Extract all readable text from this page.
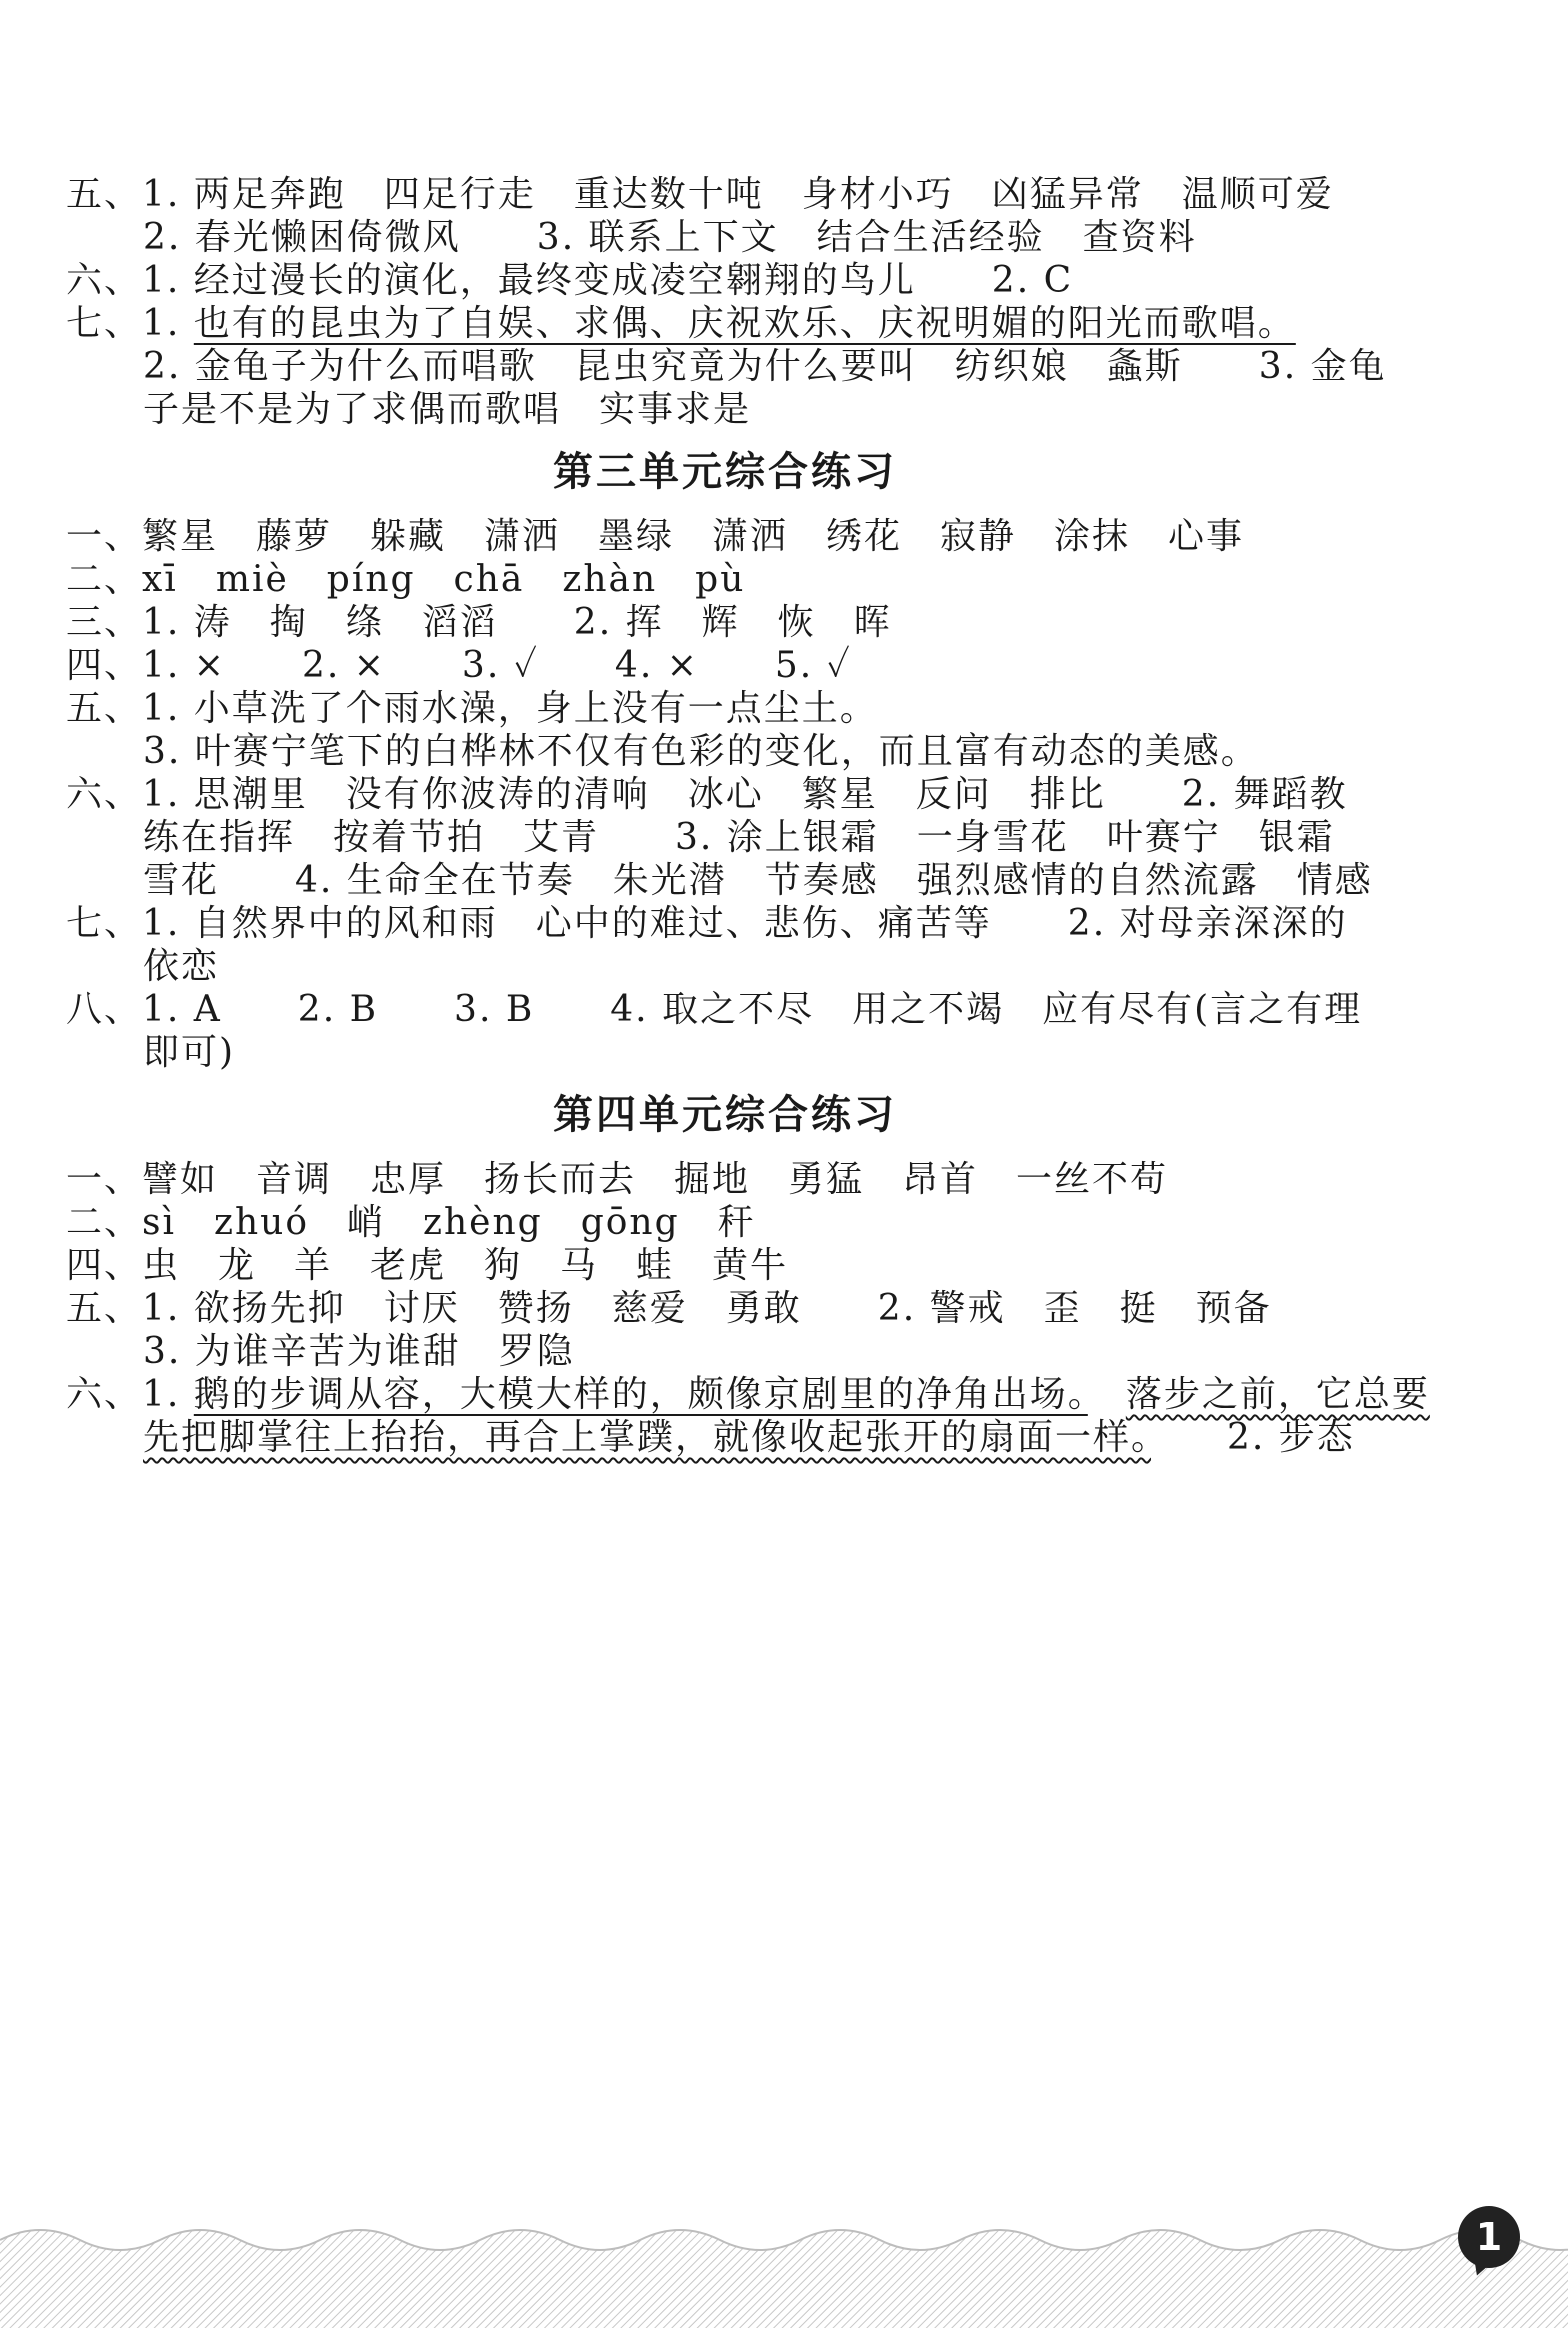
五、1. 两足奔跑　四足行走　重达数十吨　身材小巧　凶猛异常　温顺可爱
2. 春光懒困倚微风　　3. 联系上下文　结合生活经验　查资料
六、1. 经过漫长的演化，最终变成凌空翱翔的鸟儿　　2. C
七、1. 也有的昆虫为了自娱、求偶、庆祝欢乐、庆祝明媚的阳光而歌唱。
2. 金龟子为什么而唱歌　昆虫究竟为什么要叫　纺织娘　螽斯　　3. 金龟
子是不是为了求偶而歌唱　实事求是
第三单元综合练习
一、繁星　藤萝　躲藏　潇洒　墨绿　潇洒　绣花　寂静　涂抹　心事
二、xī　miè　píng　chā　zhàn　pù
三、1. 涛　掏　绦　滔滔　　2. 挥　辉　恢　晖
四、1. ×　　2. ×　　3. ✓　　4. ×　　5. ✓
五、1. 小草洗了个雨水澡，身上没有一点尘土。
3. 叶赛宁笔下的白桦林不仅有色彩的变化，而且富有动态的美感。
六、1. 思潮里　没有你波涛的清响　冰心　繁星　反问　排比　　2. 舞蹈教
练在指挥　按着节拍　艾青　　3. 涂上银霜　一身雪花　叶赛宁　银霜
雪花　　4. 生命全在节奏　朱光潜　节奏感　强烈感情的自然流露　情感
七、1. 自然界中的风和雨　心中的难过、悲伤、痛苦等　　2. 对母亲深深的
依恋
八、1. A　　2. B　　3. B　　4. 取之不尽　用之不竭　应有尽有(言之有理
即可)
第四单元综合练习
一、譬如　音调　忠厚　扬长而去　掘地　勇猛　昂首　一丝不苟
二、sì　zhuó　峭　zhèng　gōng　秆
四、虫　龙　羊　老虎　狗　马　蛙　黄牛
五、1. 欲扬先抑　讨厌　赞扬　慈爱　勇敢　　2. 警戒　歪　挺　预备
3. 为谁辛苦为谁甜　罗隐
六、1. 鹅的步调从容，大模大样的，颇像京剧里的净角出场。　 落步之前，它总要
先把脚掌往上抬抬，再合上掌蹼，就像收起张开的扇面一样。　　2. 步态
1
